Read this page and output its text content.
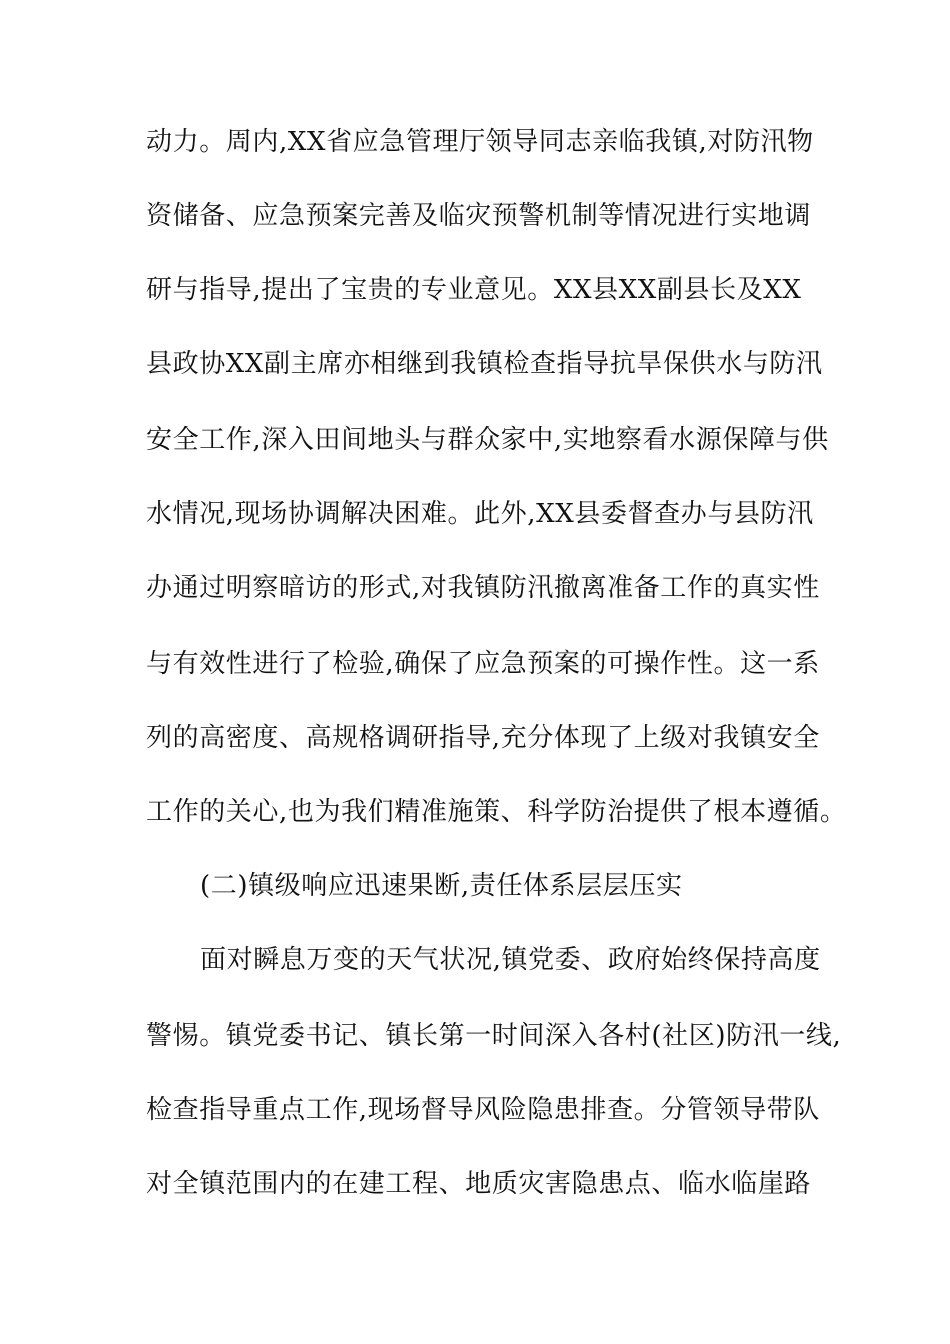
动力。周内,XX省应急管理厅领导同志亲临我镇,对防汛物
资储备、应急预案完善及临灾预警机制等情况进行实地调
研与指导,提出了宝贵的专业意见。XX县XX副县长及XX
县政协XX副主席亦相继到我镇检查指导抗旱保供水与防汛
安全工作,深入田间地头与群众家中,实地察看水源保障与供
水情况,现场协调解决困难。此外,XX县委督查办与县防汛
办通过明察暗访的形式,对我镇防汛撤离准备工作的真实性
与有效性进行了检验,确保了应急预案的可操作性。这一系
列的高密度、高规格调研指导,充分体现了上级对我镇安全
工作的关心,也为我们精准施策、科学防治提供了根本遵循。
(二)镇级响应迅速果断,责任体系层层压实
面对瞬息万变的天气状况,镇党委、政府始终保持高度
警惕。镇党委书记、镇长第一时间深入各村(社区)防汛一线,
检查指导重点工作,现场督导风险隐患排查。分管领导带队
对全镇范围内的在建工程、地质灾害隐患点、临水临崖路
